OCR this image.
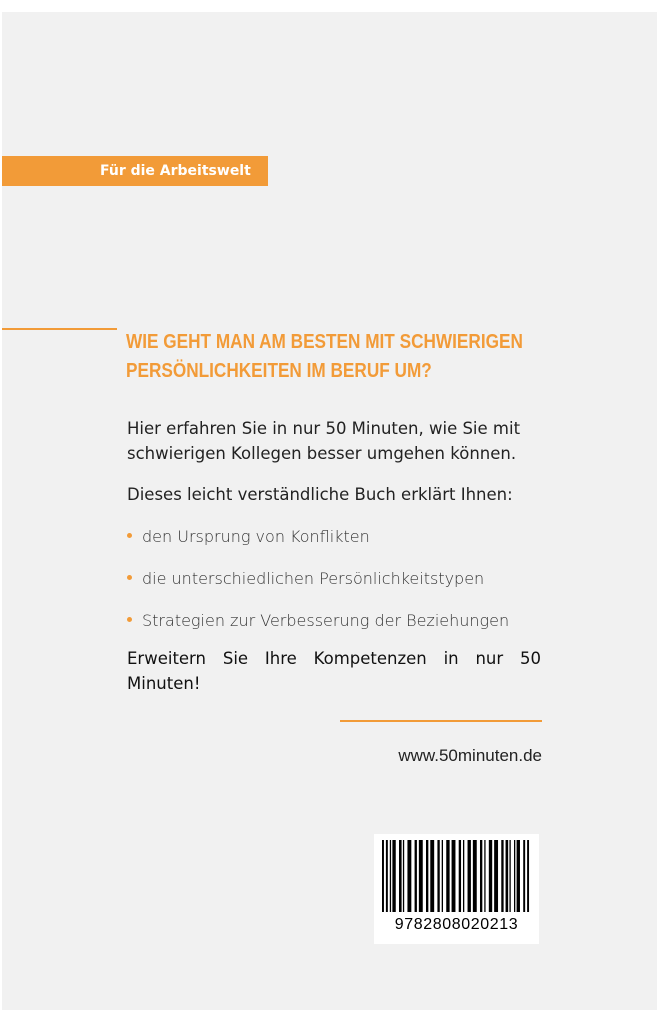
Für die Arbeitswelt
WIE GEHT MAN AM BESTEN MIT SCHWIERIGEN
PERSÖNLICHKEITEN IM BERUF UM?
Hier erfahren Sie in nur 50 Minuten, wie Sie mit schwierigen Kollegen besser umgehen können.
Dieses leicht verständliche Buch erklärt Ihnen:
den Ursprung von Konflikten
die unterschiedlichen Persönlichkeitstypen
Strategien zur Verbesserung der Beziehungen
Erweitern Sie Ihre Kompetenzen in nur 50 Minuten!
www.50minuten.de
9782808020213
